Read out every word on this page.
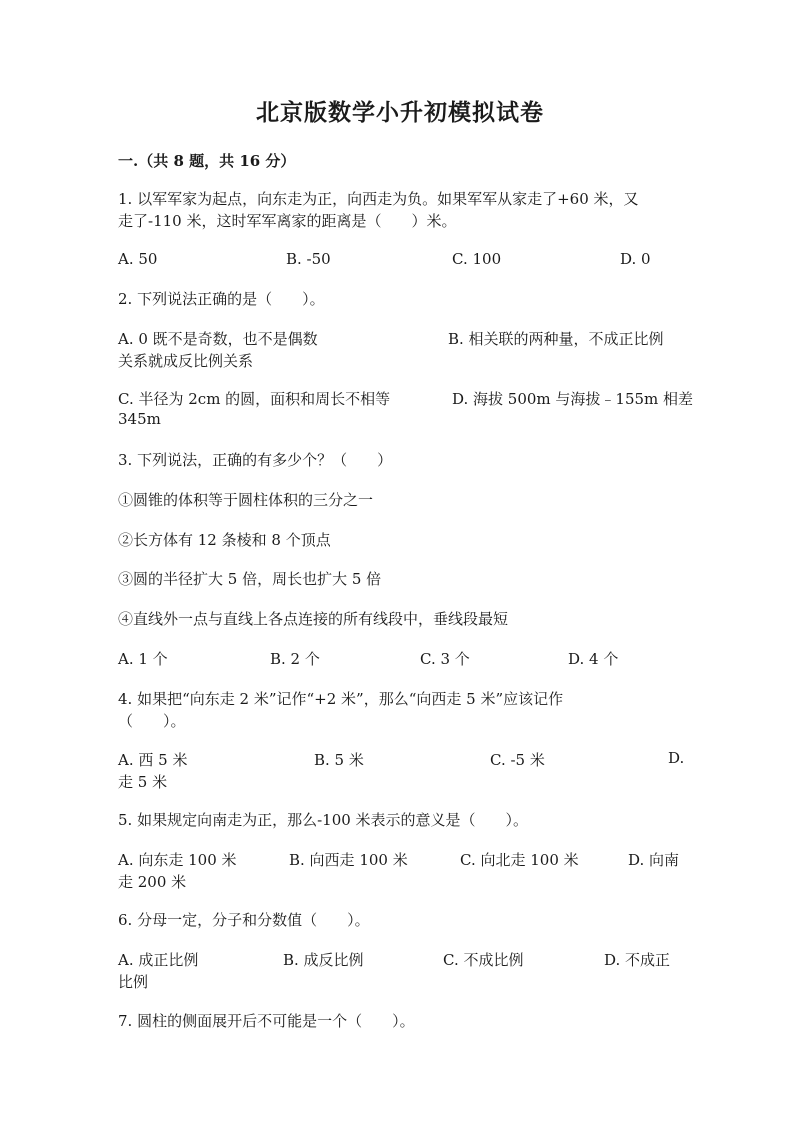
北京版数学小升初模拟试卷
一.（共 8 题，共 16 分）
1. 以军军家为起点，向东走为正，向西走为负。如果军军从家走了+60 米，又
走了-110 米，这时军军离家的距离是（　　）米。
A. 50	B. -50	C. 100	D. 0
2. 下列说法正确的是（　　）。
A. 0 既不是奇数，也不是偶数	B. 相关联的两种量，不成正比例
关系就成反比例关系
C. 半径为 2cm 的圆，面积和周长不相等	D. 海拔 500m 与海拔﹣155m 相差
345m
3. 下列说法，正确的有多少个？（　　）
①圆锥的体积等于圆柱体积的三分之一
②长方体有 12 条棱和 8 个顶点
③圆的半径扩大 5 倍，周长也扩大 5 倍
④直线外一点与直线上各点连接的所有线段中，垂线段最短
A. 1 个	B. 2 个	C. 3 个	D. 4 个
4. 如果把“向东走 2 米”记作“+2 米”，那么“向西走 5 米”应该记作
（　　）。
A. 西 5 米	B. 5 米	C. -5 米	D.
走 5 米
5. 如果规定向南走为正，那么-100 米表示的意义是（　　）。
A. 向东走 100 米	B. 向西走 100 米	C. 向北走 100 米	D. 向南
走 200 米
6. 分母一定，分子和分数值（　　）。
A. 成正比例	B. 成反比例	C. 不成比例	D. 不成正
比例
7. 圆柱的侧面展开后不可能是一个（　　）。
